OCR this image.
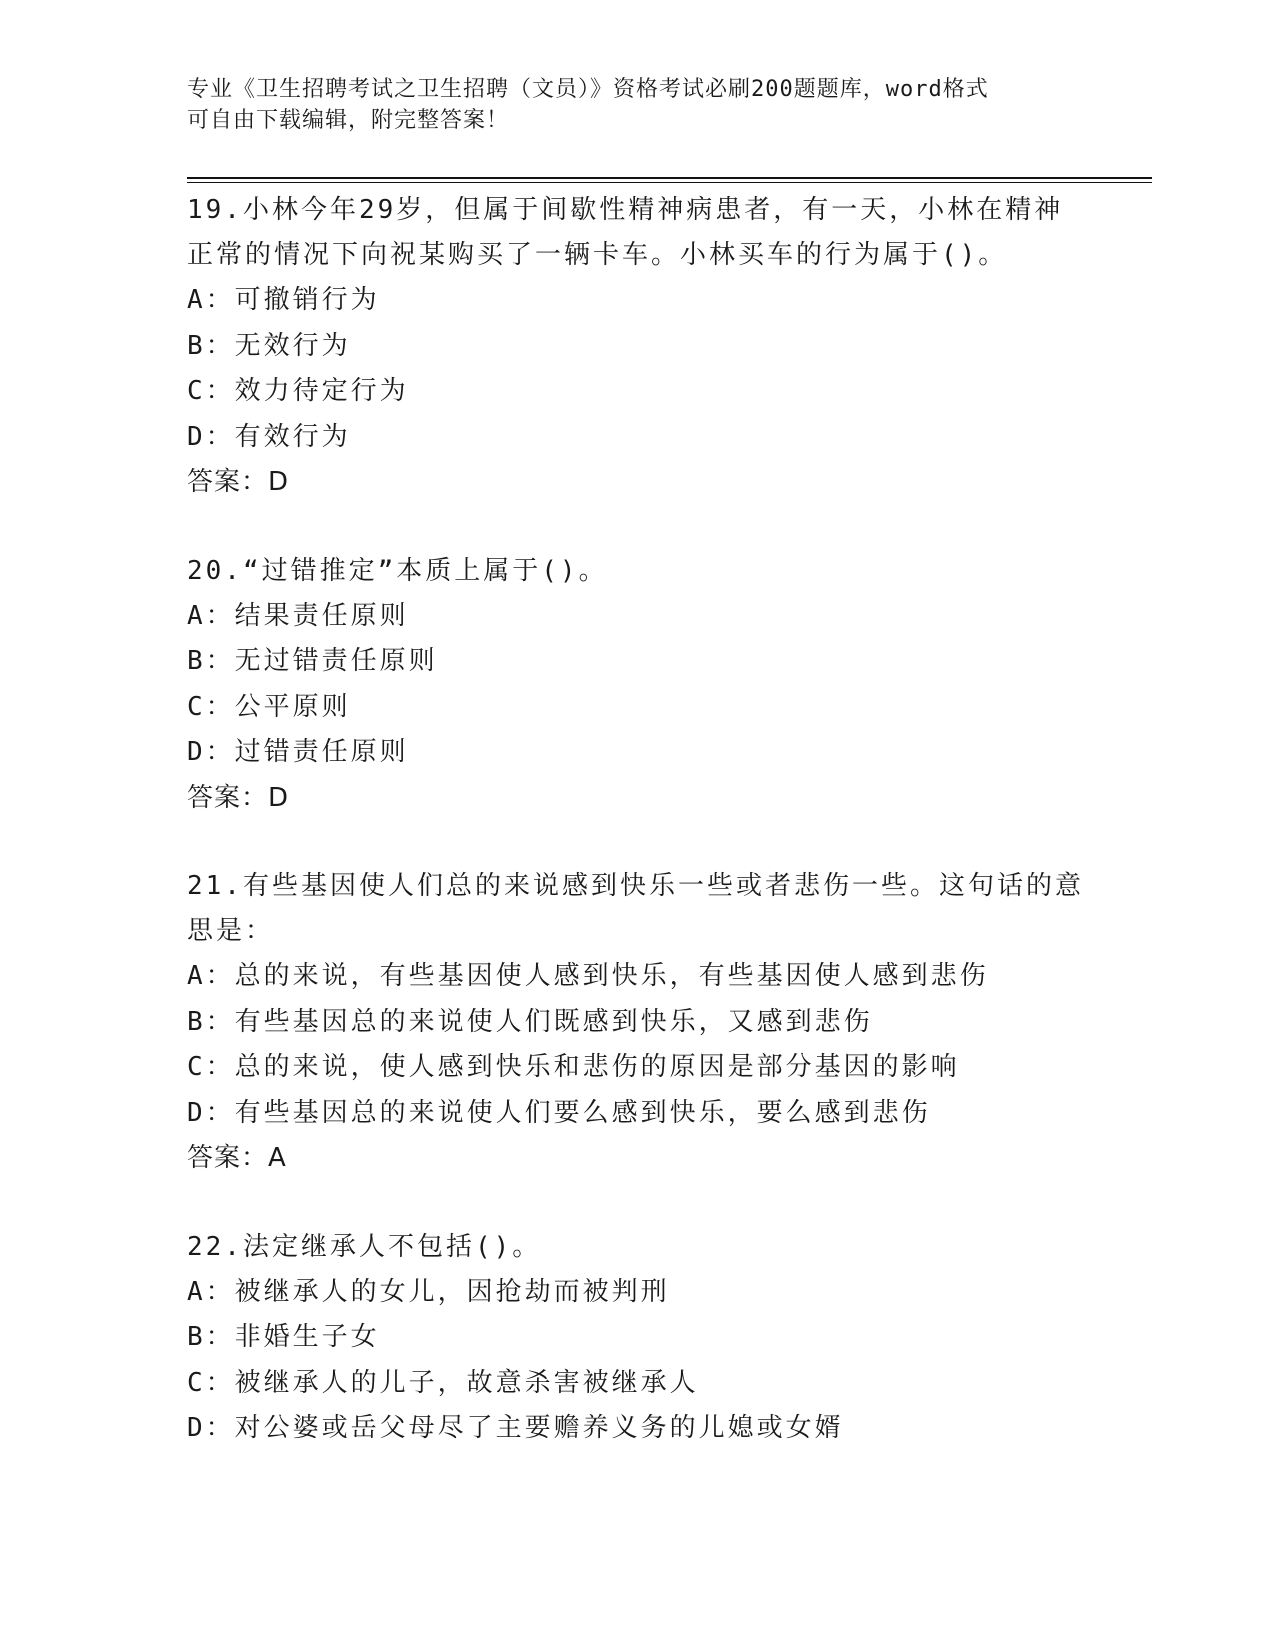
专业《卫生招聘考试之卫生招聘（文员）》资格考试必刷200题题库，word格式
可自由下载编辑，附完整答案！

19.小林今年29岁，但属于间歇性精神病患者，有一天，小林在精神正常的情况下向祝某购买了一辆卡车。小林买车的行为属于()。

A：可撤销行为

B：无效行为

C：效力待定行为

D：有效行为

答案：D

20.“过错推定”本质上属于()。

A：结果责任原则

B：无过错责任原则

C：公平原则

D：过错责任原则

答案：D

21.有些基因使人们总的来说感到快乐一些或者悲伤一些。这句话的意思是：

A：总的来说，有些基因使人感到快乐，有些基因使人感到悲伤

B：有些基因总的来说使人们既感到快乐，又感到悲伤

C：总的来说，使人感到快乐和悲伤的原因是部分基因的影响

D：有些基因总的来说使人们要么感到快乐，要么感到悲伤

答案：A

22.法定继承人不包括()。

A：被继承人的女儿，因抢劫而被判刑

B：非婚生子女

C：被继承人的儿子，故意杀害被继承人

D：对公婆或岳父母尽了主要赡养义务的儿媳或女婿
